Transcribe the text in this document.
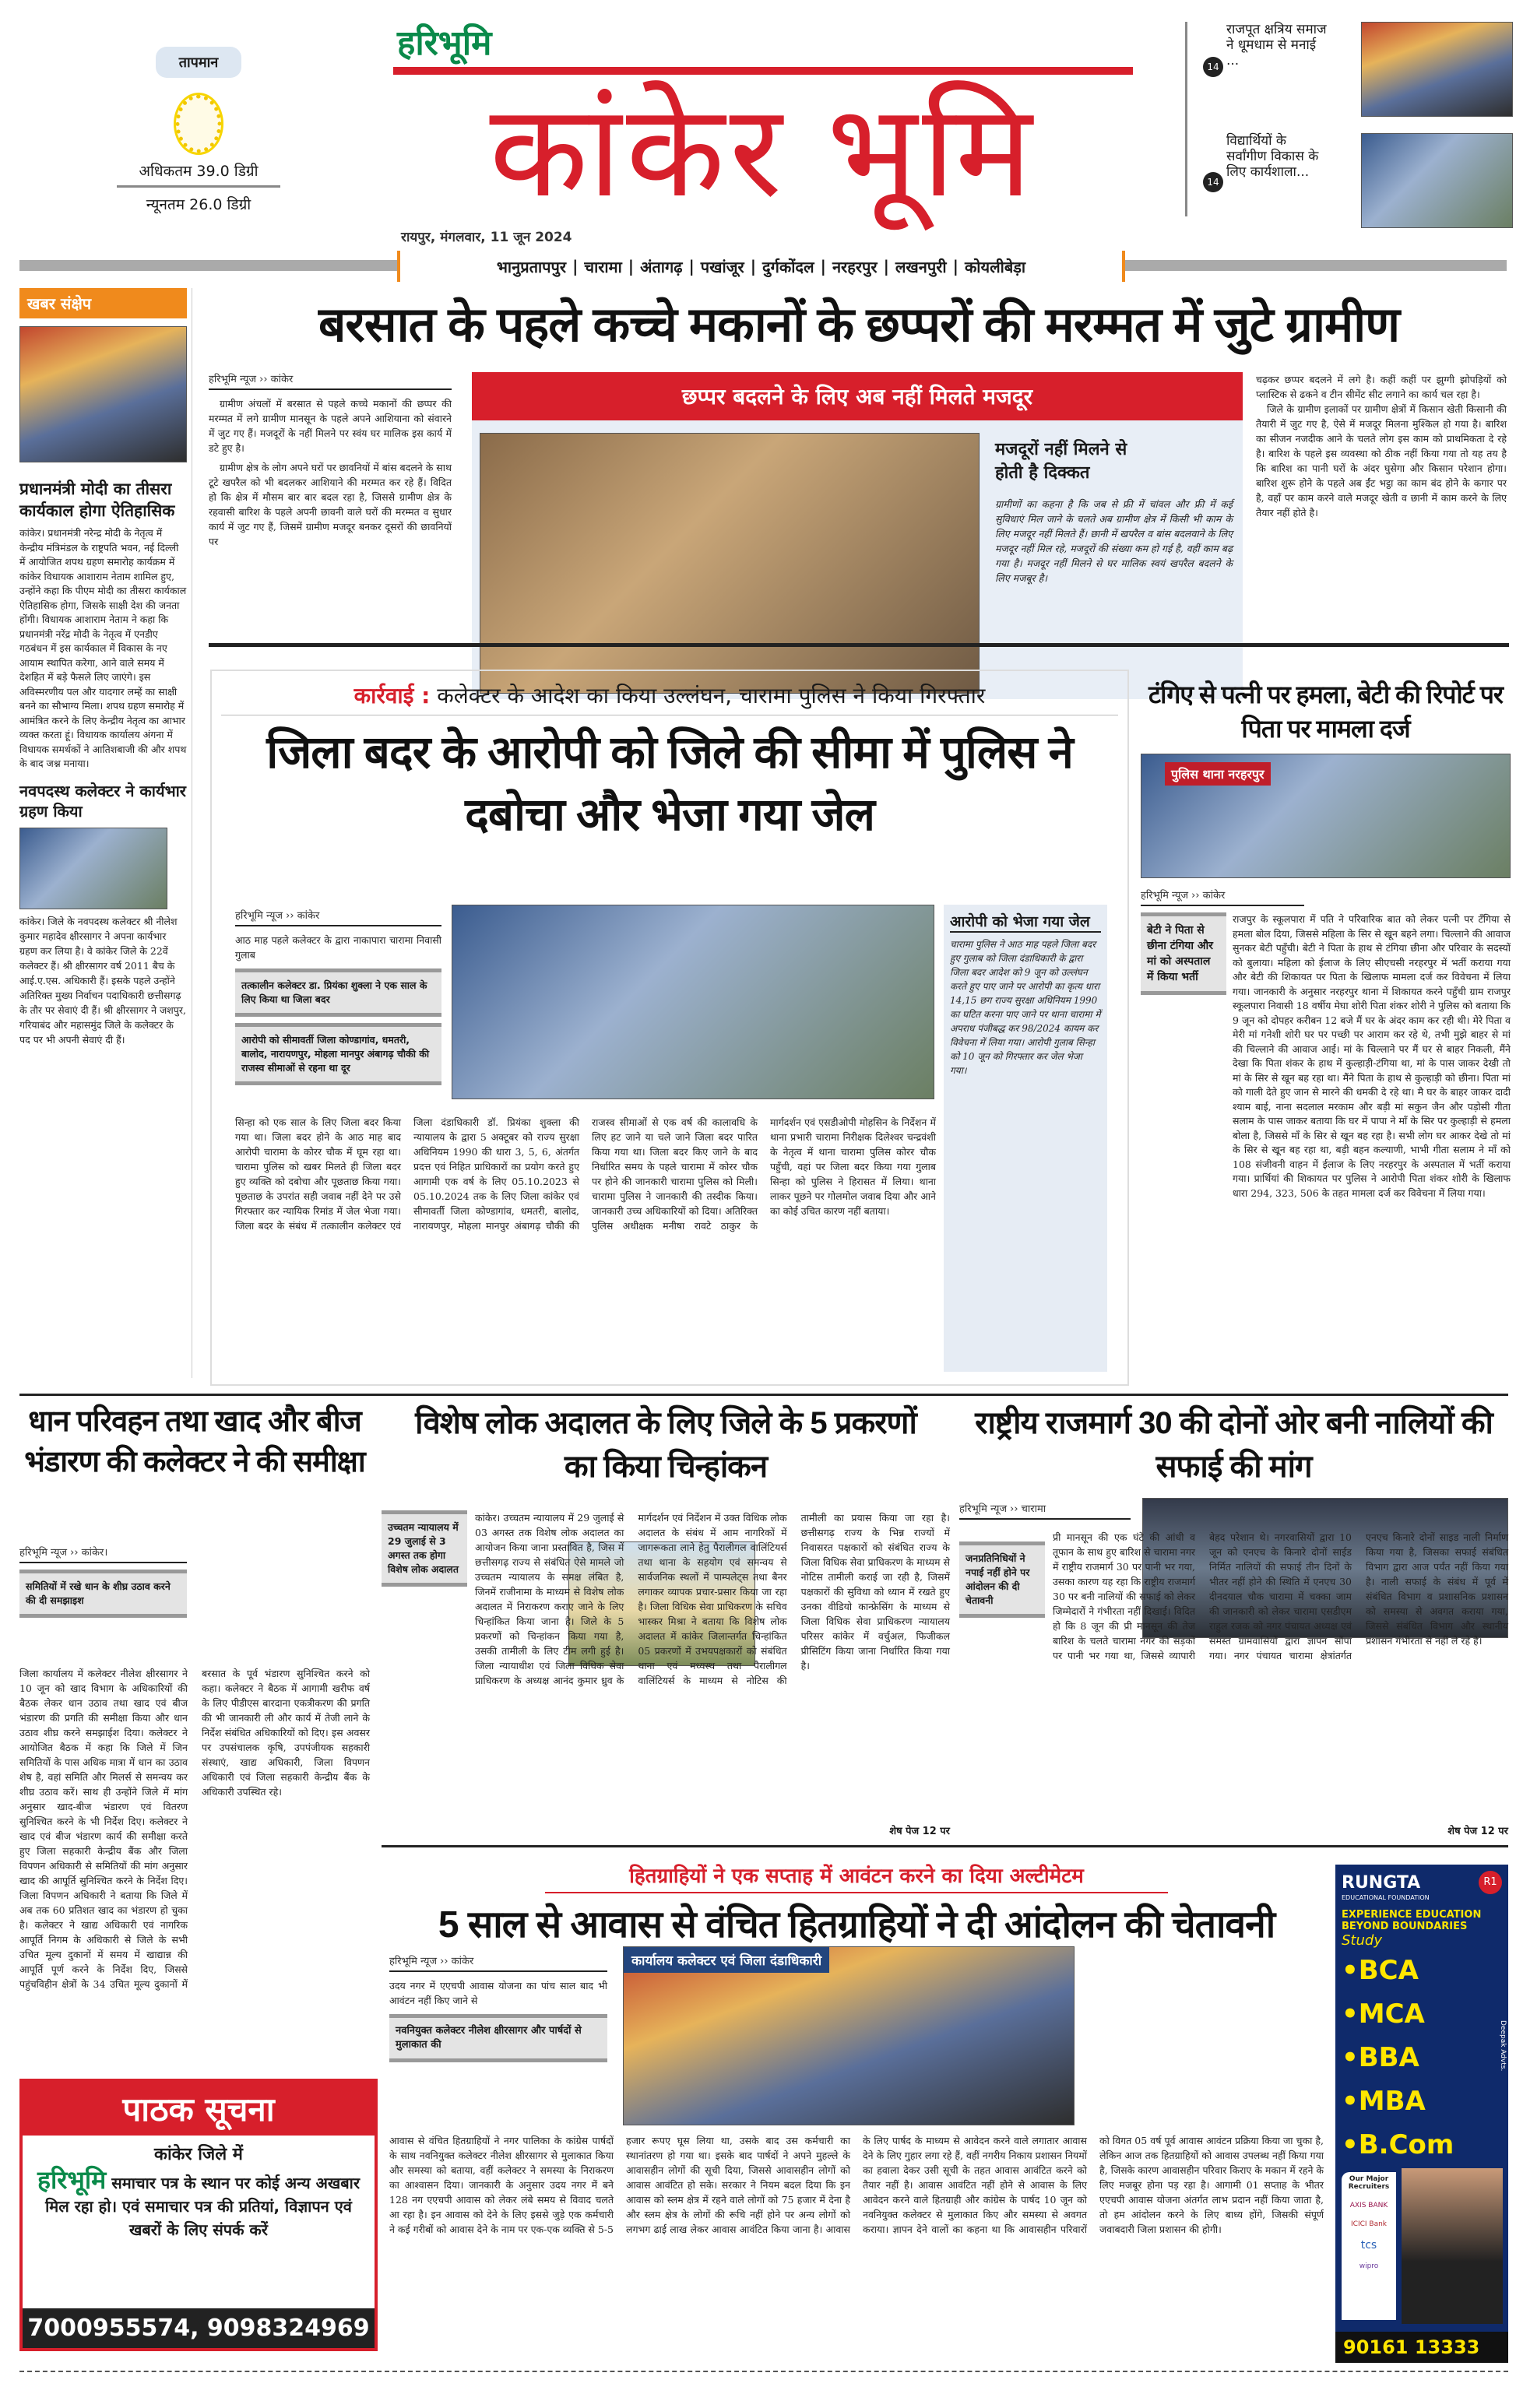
तापमान
अधिकतम 39.0 डिग्री
न्यूनतम 26.0 डिग्री
हरिभूमि
कांकेर भूमि
रायपुर, मंगलवार, 11 जून 2024
भानुप्रतापपुर | चारामा | अंतागढ़ | पखांजूर | दुर्गकोंदल | नरहरपुर | लखनपुरी | कोयलीबेड़ा
14
राजपूत क्षत्रिय समाज ने धूमधाम से मनाई ...
14
विद्यार्थियों के सर्वांगीण विकास के लिए कार्यशाला...
खबर संक्षेप
प्रधानमंत्री मोदी का तीसरा कार्यकाल होगा ऐतिहासिक
कांकेर। प्रधानमंत्री नरेन्द्र मोदी के नेतृत्व में केन्द्रीय मंत्रिमंडल के राष्ट्रपति भवन, नई दिल्ली में आयोजित शपथ ग्रहण समारोह कार्यक्रम में कांकेर विधायक आशाराम नेताम शामिल हुए, उन्होंने कहा कि पीएम मोदी का तीसरा कार्यकाल ऐतिहासिक होगा, जिसके साक्षी देश की जनता होंगी। विधायक आशाराम नेताम ने कहा कि प्रधानमंत्री नरेंद्र मोदी के नेतृत्व में एनडीए गठबंधन में इस कार्यकाल में विकास के नए आयाम स्थापित करेगा, आने वाले समय में देशहित में बड़े फैसले लिए जाएंगे। इस अविस्मरणीय पल और यादगार लम्हें का साक्षी बनने का सौभाग्य मिला। शपथ ग्रहण समारोह में आमंत्रित करने के लिए केन्द्रीय नेतृत्व का आभार व्यक्त करता हूं। विधायक कार्यालय अंगना में विधायक समर्थकों ने आतिशबाजी की और शपथ के बाद जश्न मनाया।
नवपदस्थ कलेक्टर ने कार्यभार ग्रहण किया
कांकेर। जिले के नवपदस्थ कलेक्टर श्री नीलेश कुमार महादेव क्षीरसागर ने अपना कार्यभार ग्रहण कर लिया है। वे कांकेर जिले के 22वें कलेक्टर हैं। श्री क्षीरसागर वर्ष 2011 बैच के आई.ए.एस. अधिकारी हैं। इसके पहले उन्होंने अतिरिक्त मुख्य निर्वाचन पदाधिकारी छत्तीसगढ़ के तौर पर सेवाएं दी हैं। श्री क्षीरसागर ने जशपुर, गरियाबंद और महासमुंद जिले के कलेक्टर के पद पर भी अपनी सेवाएं दी हैं।
बरसात के पहले कच्चे मकानों के छप्परों की मरम्मत में जुटे ग्रामीण
हरिभूमि न्यूज ›› कांकेर

ग्रामीण अंचलों में बरसात से पहले कच्चे मकानों की छप्पर की मरम्मत में लगे ग्रामीण मानसून के पहले अपने आशियाना को संवारने में जुट गए हैं। मजदूरों के नहीं मिलने पर स्वंय घर मालिक इस कार्य में डटे हुए है।

ग्रामीण क्षेत्र के लोग अपने घरों पर छावनियों में बांस बदलने के साथ टूटे खपरैल को भी बदलकर आशियाने की मरम्मत कर रहे हैं। विदित हो कि क्षेत्र में मौसम बार बार बदल रहा है, जिससे ग्रामीण क्षेत्र के रहवासी बारिश के पहले अपनी छावनी वाले घरों की मरम्मत व सुधार कार्य में जुट गए हैं, जिसमें ग्रामीण मजदूर बनकर दूसरों की छावनियों पर

छप्पर बदलने के लिए अब नहीं मिलते मजदूर
मजदूरों नहीं मिलने से होती है दिक्कत
ग्रामीणों का कहना है कि जब से फ्री में चांवल और फ्री में कई सुविधाएं मिल जाने के चलते अब ग्रामीण क्षेत्र में किसी भी काम के लिए मजदूर नहीं मिलते हैं। छानी में खपरैल व बांस बदलवाने के लिए मजदूर नहीं मिल रहे, मजदूरों की संख्या कम हो गई है, वहीं काम बढ़ गया है। मजदूर नहीं मिलने से घर मालिक स्वयं खपरैल बदलने के लिए मजबूर है।

चढ़कर छप्पर बदलने में लगे है। कहीं कहीं पर झुग्गी झोपड़ियों को प्लास्टिक से ढकने व टीन सीमेंट सीट लगाने का कार्य चल रहा है।

जिले के ग्रामीण इलाकों पर ग्रामीण क्षेत्रों में किसान खेती किसानी की तैयारी में जुट गए है, ऐसे में मजदूर मिलना मुश्किल हो गया है। बारिश का सीजन नजदीक आने के चलते लोग इस काम को प्राथमिकता दे रहे है। बारिश के पहले इस व्यवस्था को ठीक नहीं किया गया तो यह तय है कि बारिश का पानी घरों के अंदर घुसेगा और किसान परेशान होगा। बारिश शुरू होने के पहले अब ईंट भट्ठा का काम बंद होने के कगार पर है, वहाँ पर काम करने वाले मजदूर खेती व छानी में काम करने के लिए तैयार नहीं होते है।

कार्रवाई : कलेक्टर के आदेश का किया उल्लंघन, चारामा पुलिस ने किया गिरफ्तार
जिला बदर के आरोपी को जिले की सीमा में पुलिस ने दबोचा और भेजा गया जेल
हरिभूमि न्यूज ›› कांकेर
आठ माह पहले कलेक्टर के द्वारा नाकापारा चारामा निवासी गुलाब
तत्कालीन कलेक्टर डा. प्रियंका शुक्ला ने एक साल के लिए किया था जिला बदर
आरोपी को सीमावर्ती जिला कोण्डागांव, धमतरी, बालोद, नारायणपुर, मोहला मानपुर अंबागढ़ चौकी की राजस्व सीमाओं से रहना था दूर
आरोपी को भेजा गया जेल
चारामा पुलिस ने आठ माह पहले जिला बदर हुए गुलाब को जिला दंडाधिकारी के द्वारा जिला बदर आदेश को 9 जून को उल्लंघन करते हुए पाए जाने पर आरोपी का कृत्य धारा 14,15 छग राज्य सुरक्षा अधिनियम 1990 का घटित करना पाए जाने पर थाना चारामा में अपराध पंजीबद्ध कर 98/2024 कायम कर विवेचना में लिया गया। आरोपी गुलाब सिन्हा को 10 जून को गिरफ्तार कर जेल भेजा गया।
सिन्हा को एक साल के लिए जिला बदर किया गया था। जिला बदर होने के आठ माह बाद आरोपी चारामा के कोरर चौक में घूम रहा था। चारामा पुलिस को खबर मिलते ही जिला बदर हुए व्यक्ति को दबोचा और पूछताछ किया गया। पूछताछ के उपरांत सही जवाब नहीं देने पर उसे गिरफ्तार कर न्यायिक रिमांड में जेल भेजा गया। जिला बदर के संबंध में तत्कालीन कलेक्टर एवं जिला दंडाधिकारी डॉ. प्रियंका शुक्ला की न्यायालय के द्वारा 5 अक्टूबर को राज्य सुरक्षा अधिनियम 1990 की धारा 3, 5, 6, अंतर्गत प्रदत्त एवं निहित प्राधिकारों का प्रयोग करते हुए आगामी एक वर्ष के लिए 05.10.2023 से 05.10.2024 तक के लिए जिला कांकेर एवं सीमावर्ती जिला कोण्डागांव, धमतरी, बालोद, नारायणपुर, मोहला मानपुर अंबागढ़ चौकी की राजस्व सीमाओं से एक वर्ष की कालावधि के लिए हट जाने या चले जाने जिला बदर पारित किया गया था। जिला बदर किए जाने के बाद निर्धारित समय के पहले चारामा में कोरर चौक पर होने की जानकारी चारामा पुलिस को मिली। चारामा पुलिस ने जानकारी की तस्दीक किया। जानकारी उच्च अधिकारियों को दिया। अतिरिक्त पुलिस अधीक्षक मनीषा रावटे ठाकुर के मार्गदर्शन एवं एसडीओपी मोहसिन के निर्देशन में थाना प्रभारी चारामा निरीक्षक दिलेश्वर चन्द्रवंशी के नेतृत्व में थाना चारामा पुलिस कोरर चौक पहुँची, वहां पर जिला बदर किया गया गुलाब सिन्हा को पुलिस ने हिरासत में लिया। थाना लाकर पूछने पर गोलमोल जवाब दिया और आने का कोई उचित कारण नहीं बताया।
टंगिए से पत्नी पर हमला, बेटी की रिपोर्ट पर पिता पर मामला दर्ज
पुलिस थाना नरहरपुर
हरिभूमि न्यूज ›› कांकेर
बेटी ने पिता से छीना टंगिया और मां को अस्पताल में किया भर्ती
राजपुर के स्कूलपारा में पति ने परिवारिक बात को लेकर पत्नी पर टँगिया से हमला बोल दिया, जिससे महिला के सिर से खून बहने लगा। चिल्लाने की आवाज सुनकर बेटी पहुँची। बेटी ने पिता के हाथ से टंगिया छीना और परिवार के सदस्यों को बुलाया। महिला को ईलाज के लिए सीएचसी नरहरपुर में भर्ती कराया गया और बेटी की शिकायत पर पिता के खिलाफ मामला दर्ज कर विवेचना में लिया गया। जानकारी के अनुसार नरहरपुर थाना में शिकायत करने पहुँची ग्राम राजपुर स्कूलपारा निवासी 18 वर्षीय मेघा शोरी पिता शंकर शोरी ने पुलिस को बताया कि 9 जून को दोपहर करीबन 12 बजे मैं घर के अंदर काम कर रही थी। मेरे पिता व मेरी मां गनेशी शोरी घर पर पच्छी पर आराम कर रहे थे, तभी मुझे बाहर से मां की चिल्लाने की आवाज आई। मां के चिल्लाने पर मैं घर से बाहर निकली, मैंने देखा कि पिता शंकर के हाथ में कुल्हाड़ी-टंगिया था, मां के पास जाकर देखी तो मां के सिर से खून बह रहा था। मैंने पिता के हाथ से कुल्हाड़ी को छीना। पिता मां को गाली देते हुए जान से मारने की धमकी दे रहे था। मै घर के बाहर जाकर दादी श्याम बाई, नाना सदलाल मरकाम और बड़ी मां सकुन जैन और पड़ोसी गीता सलाम के पास जाकर बताया कि घर में पापा ने माँ के सिर पर कुल्हाड़ी से हमला बोला है, जिससे माँ के सिर से खून बह रहा है। सभी लोग घर आकर देखे तो मां के सिर से खून बह रहा था, बड़ी बहन कल्याणी, भाभी गीता सलाम ने माँ को 108 संजीवनी वाहन में ईलाज के लिए नरहरपुर के अस्पताल में भर्ती कराया गया। प्रार्थियां की शिकायत पर पुलिस ने आरोपी पिता शंकर शोरी के खिलाफ धारा 294, 323, 506 के तहत मामला दर्ज कर विवेचना में लिया गया।
धान परिवहन तथा खाद और बीज भंडारण की कलेक्टर ने की समीक्षा
हरिभूमि न्यूज ›› कांकेर।
समितियों में रखे धान के शीघ्र उठाव करने की दी समझाइश
जिला कार्यालय में कलेक्टर नीलेश क्षीरसागर ने 10 जून को खाद विभाग के अधिकारियों की बैठक लेकर धान उठाव तथा खाद एवं बीज भंडारण की प्रगति की समीक्षा किया और धान उठाव शीघ्र करने समझाईश दिया। कलेक्टर ने आयोजित बैठक में कहा कि जिले में जिन समितियों के पास अधिक मात्रा में धान का उठाव शेष है, वहां समिति और मिलर्स से समन्वय कर शीघ्र उठाव करें। साथ ही उन्होंने जिले में मांग अनुसार खाद-बीज भंडारण एवं वितरण सुनिश्चित करने के भी निर्देश दिए। कलेक्टर ने खाद एवं बीज भंडारण कार्य की समीक्षा करते हुए जिला सहकारी केन्द्रीय बैंक और जिला विपणन अधिकारी से समितियों की मांग अनुसार खाद की आपूर्ति सुनिश्चित करने के निर्देश दिए। जिला विपणन अधिकारी ने बताया कि जिले में अब तक 60 प्रतिशत खाद का भंडारण हो चुका है। कलेक्टर ने खाद्य अधिकारी एवं नागरिक आपूर्ति निगम के अधिकारी से जिले के सभी उचित मूल्य दुकानों में समय में खाद्यान्न की आपूर्ति पूर्ण करने के निर्देश दिए, जिससे पहुंचविहीन क्षेत्रों के 34 उचित मूल्य दुकानों में बरसात के पूर्व भंडारण सुनिश्चित करने को कहा। कलेक्टर ने बैठक में आगामी खरीफ वर्ष के लिए पीडीएस बारदाना एकत्रीकरण की प्रगति की भी जानकारी ली और कार्य में तेजी लाने के निर्देश संबंधित अधिकारियों को दिए। इस अवसर पर उपसंचालक कृषि, उपपंजीयक सहकारी संस्थाएं, खाद्य अधिकारी, जिला विपणन अधिकारी एवं जिला सहकारी केन्द्रीय बैंक के अधिकारी उपस्थित रहे।
विशेष लोक अदालत के लिए जिले के 5 प्रकरणों का किया चिन्हांकन
उच्चतम न्यायालय में 29 जुलाई से 3 अगस्त तक होगा विशेष लोक अदालत
कांकेर। उच्चतम न्यायालय में 29 जुलाई से 03 अगस्त तक विशेष लोक अदालत का आयोजन किया जाना प्रस्तावित है, जिस में छत्तीसगढ़ राज्य से संबंधित ऐसे मामले जो उच्चतम न्यायालय के समक्ष लंबित है, जिनमें राजीनामा के माध्यम से विशेष लोक अदालत में निराकरण कराए जाने के लिए चिन्हांकित किया जाना है। जिले के 5 प्रकरणों को चिन्हांकन किया गया है, उसकी तामीली के लिए टीम लगी हुई है। जिला न्यायाधीश एवं जिला विधिक सेवा प्राधिकरण के अध्यक्ष आनंद कुमार ध्रुव के मार्गदर्शन एवं निर्देशन में उक्त विधिक लोक अदालत के संबंध में आम नागरिकों में जागरूकता लाने हेतु पैरालीगल वालिंटियर्स तथा थाना के सहयोग एवं समन्वय से सार्वजनिक स्थलों में पाम्पलेट्स तथा बैनर लगाकर व्यापक प्रचार-प्रसार किया जा रहा है। जिला विधिक सेवा प्राधिकरण के सचिव भास्कर मिश्रा ने बताया कि विशेष लोक अदालत में कांकेर जिलान्तर्गत चिन्हांकित 05 प्रकरणों में उभयपक्षकारों को संबंधित थाना एवं मध्यस्थ तथा पैरालीगल वालिंटियर्स के माध्यम से नोटिस की तामीली का प्रयास किया जा रहा है। छत्तीसगढ़ राज्य के भिन्न राज्यों में निवासरत पक्षकारों को संबंधित राज्य के जिला विधिक सेवा प्राधिकरण के माध्यम से नोटिस तामीली कराई जा रही है, जिसमें पक्षकारों की सुविधा को ध्यान में रखते हुए उनका वीडियो कान्फ्रेसिंग के माध्यम से जिला विधिक सेवा प्राधिकरण न्यायालय परिसर कांकेर में वर्चुअल, फिजीकल प्रीसिटिंग किया जाना निर्धारित किया गया है।
शेष पेज 12 पर
राष्ट्रीय राजमार्ग 30 की दोनों ओर बनी नालियों की सफाई की मांग
हरिभूमि न्यूज ›› चारामा
जनप्रतिनिधियों ने नपाई नहीं होने पर आंदोलन की दी चेतावनी
प्री मानसून की एक घंटे की आंधी व तूफान के साथ हुए बारिश से चारामा नगर में राष्ट्रीय राजमार्ग 30 पर पानी भर गया, उसका कारण यह रहा कि राष्ट्रीय राजमार्ग 30 पर बनी नालियों की सफाई को लेकर जिम्मेदारों ने गंभीरता नहीं दिखाई। विदित हो कि 8 जून की प्री मानसून की तेज बारिश के चलते चारामा नगर की सड़कों पर पानी भर गया था, जिससे व्यापारी बेहद परेशान थे। नगरवासियों द्वारा 10 जून को एनएच के किनारे दोनों साईड निर्मित नालियों की सफाई तीन दिनों के भीतर नहीं होने की स्थिति में एनएच 30 दीनदयाल चौक चारामा में चक्का जाम की जानकारी को लेकर चारामा एसडीएम राहुल रजक को नगर पंचायत अध्यक्ष एवं समस्त ग्रामवासियों द्वारा ज्ञापन सौंपा गया। नगर पंचायत चारामा क्षेत्रांतर्गत एनएच किनारे दोनों साइड नाली निर्माण किया गया है, जिसका सफाई संबंधित विभाग द्वारा आज पर्यंत नहीं किया गया है। नाली सफाई के संबंध में पूर्व में संबंधित विभाग व प्रशासनिक प्रशासन को समस्या से अवगत कराया गया, जिससे संबंधित विभाग और स्थानीय प्रशासन गंभीरता से नहीं ले रहे है।
शेष पेज 12 पर
हितग्राहियों ने एक सप्ताह में आवंटन करने का दिया अल्टीमेटम
5 साल से आवास से वंचित हितग्राहियों ने दी आंदोलन की चेतावनी
हरिभूमि न्यूज ›› कांकेर
उदय नगर में एएचपी आवास योजना का पांच साल बाद भी आवंटन नहीं किए जाने से
नवनियुक्त कलेक्टर नीलेश क्षीरसागर और पार्षदों से मुलाकात की
कार्यालय कलेक्टर एवं जिला दंडाधिकारी
आवास से वंचित हितग्राहियों ने नगर पालिका के कांग्रेस पार्षदों के साथ नवनियुक्त कलेक्टर नीलेश क्षीरसागर से मुलाकात किया और समस्या को बताया, वहीं कलेक्टर ने समस्या के निराकरण का आश्वासन दिया। जानकारी के अनुसार उदय नगर में बने 128 नग एएचपी आवास को लेकर लंबे समय से विवाद चलते आ रहा है। इन आवास को देने के लिए इससे जुड़े एक कर्मचारी ने कई गरीबों को आवास देने के नाम पर एक-एक व्यक्ति से 5-5 हजार रूपए घूस लिया था, उसके बाद उस कर्मचारी का स्थानांतरण हो गया था। इसके बाद पार्षदों ने अपने मुहल्ले के आवासहीन लोगों की सूची दिया, जिससे आवासहीन लोगों को आवास आवंटित हो सके। सरकार ने नियम बदल दिया कि इन आवास को स्लम क्षेत्र में रहने वाले लोगों को 75 हजार में देना है और स्लम क्षेत्र के लोगों की रूचि नहीं होने पर अन्य लोगों को लगभग ढाई लाख लेकर आवास आवंटित किया जाना है। आवास के लिए पार्षद के माध्यम से आवेदन करने वाले लगातार आवास देने के लिए गुहार लगा रहे हैं, वहीं नगरीय निकाय प्रशासन नियमों का हवाला देकर उसी सूची के तहत आवास आवंटित करने को तैयार नहीं है। आवास आवंटित नहीं होने से आवास के लिए आवेदन करने वाले हितग्राही और कांग्रेस के पार्षद 10 जून को नवनियुक्त कलेक्टर से मुलाकात किए और समस्या से अवगत कराया। ज्ञापन देने वालों का कहना था कि आवासहीन परिवारों को विगत 05 वर्ष पूर्व आवास आवंटन प्रक्रिया किया जा चुका है, लेकिन आज तक हितग्राहियों को आवास उपलब्ध नहीं किया गया है, जिसके कारण आवासहीन परिवार किराए के मकान में रहने के लिए मजबूर होना पड़ रहा है। आगामी 01 सप्ताह के भीतर एएचपी आवास योजना अंतर्गत लाभ प्रदान नहीं किया जाता है, तो हम आंदोलन करने के लिए बाध्य होंगे, जिसकी संपूर्ण जवाबदारी जिला प्रशासन की होगी।
पाठक सूचना
कांकेर जिले में
हरिभूमि समाचार पत्र के स्थान पर कोई अन्य अखबार मिल रहा हो। एवं समाचार पत्र की प्रतियां, विज्ञापन एवं खबरों के लिए संपर्क करें
7000955574, 9098324969
RUNGTA	R1
EDUCATIONAL FOUNDATION
EXPERIENCE EDUCATION
BEYOND BOUNDARIES
Study
•BCA •MCA
•BBA •MBA
•B.Com
Deepak Advts.
Our Major Recruiters
AXIS BANK
ICICI Bank
tcs
wipro
90161 13333
